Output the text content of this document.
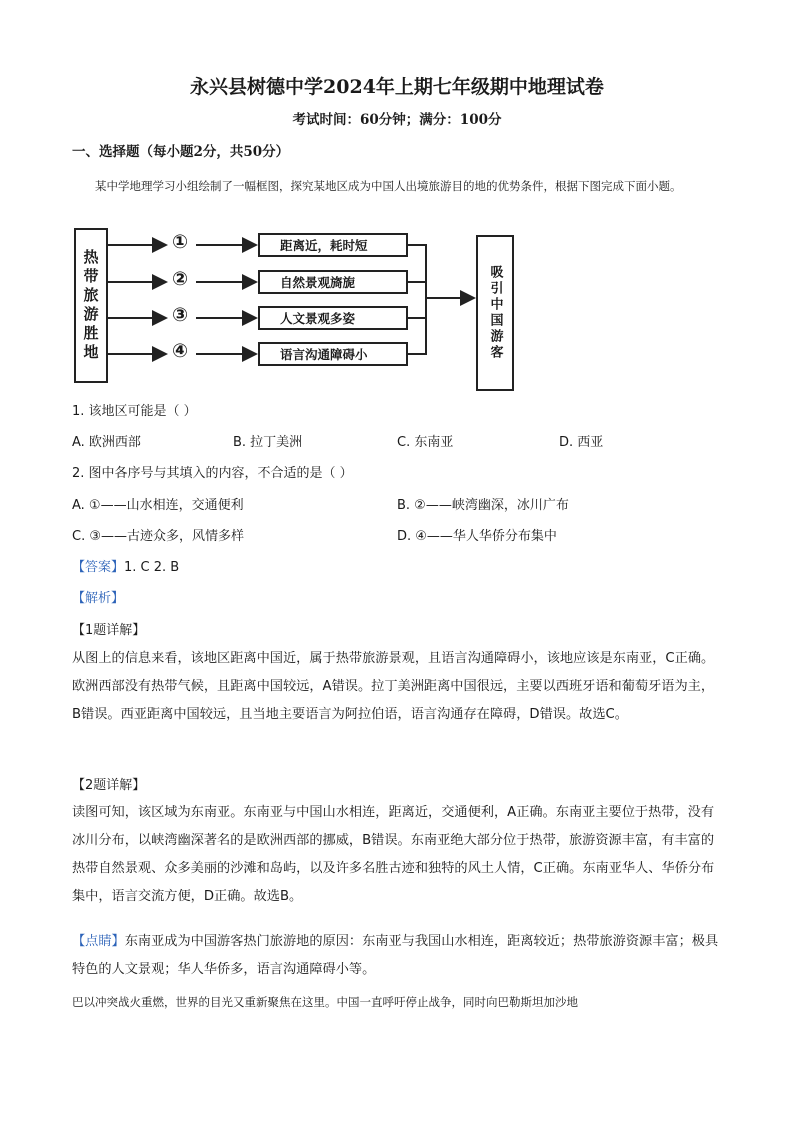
永兴县树德中学2024年上期七年级期中地理试卷
考试时间：60分钟；满分：100分
一、选择题（每小题2分，共50分）
某中学地理学习小组绘制了一幅框图，探究某地区成为中国人出境旅游目的地的优势条件，根据下图完成下面小题。
热带旅游胜地
①
②
③
④
距离近，耗时短
自然景观旖旎
人文景观多姿
语言沟通障碍小	吸引中国游客
1. 该地区可能是（ ）
A. 欧洲西部	B. 拉丁美洲	C. 东南亚	D. 西亚
2. 图中各序号与其填入的内容，不合适的是（ ）
A. ①——山水相连，交通便利	B. ②——峡湾幽深，冰川广布
C. ③——古迹众多，风情多样	D. ④——华人华侨分布集中
【答案】1. C 2. B
【解析】
【1题详解】
从图上的信息来看，该地区距离中国近，属于热带旅游景观，且语言沟通障碍小，该地应该是东南亚，C正确。欧洲西部没有热带气候，且距离中国较远，A错误。拉丁美洲距离中国很远，主要以西班牙语和葡萄牙语为主，B错误。西亚距离中国较远，且当地主要语言为阿拉伯语，语言沟通存在障碍，D错误。故选C。
【2题详解】
读图可知，该区域为东南亚。东南亚与中国山水相连，距离近，交通便利，A正确。东南亚主要位于热带，没有冰川分布，以峡湾幽深著名的是欧洲西部的挪威，B错误。东南亚绝大部分位于热带，旅游资源丰富，有丰富的热带自然景观、众多美丽的沙滩和岛屿，以及许多名胜古迹和独特的风土人情，C正确。东南亚华人、华侨分布集中，语言交流方便，D正确。故选B。
【点睛】东南亚成为中国游客热门旅游地的原因：东南亚与我国山水相连，距离较近；热带旅游资源丰富；极具特色的人文景观；华人华侨多，语言沟通障碍小等。
巴以冲突战火重燃，世界的目光又重新聚焦在这里。中国一直呼吁停止战争，同时向巴勒斯坦加沙地
